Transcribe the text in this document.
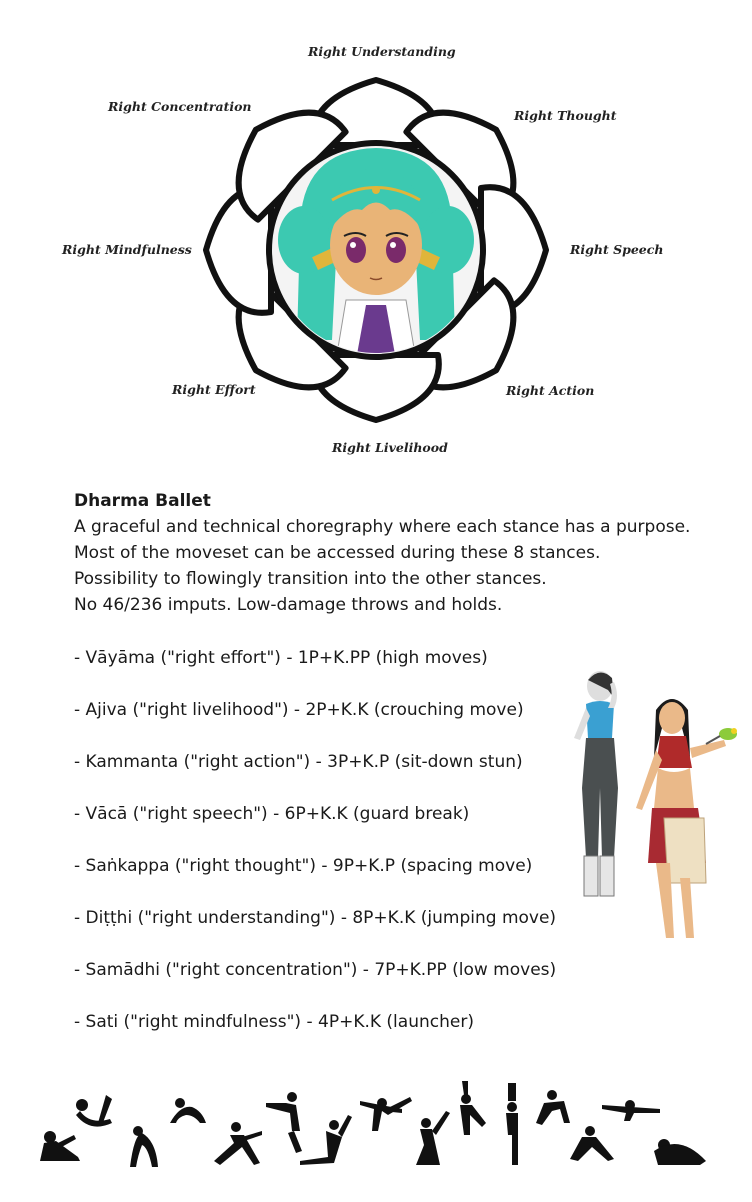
Right Understanding
Right Thought
Right Speech
Right Action
Right Livelihood
Right Effort
Right Mindfulness
Right Concentration
Dharma Ballet
A graceful and technical choregraphy where each stance has a purpose.
Most of the moveset can be accessed during these 8 stances.
Possibility to flowingly transition into the other stances.
No 46/236 imputs. Low-damage throws and holds.
- Vāyāma ("right effort") - 1P+K.PP (high moves)
- Ajiva ("right livelihood") - 2P+K.K (crouching move)
- Kammanta ("right action") - 3P+K.P (sit-down stun)
- Vācā ("right speech") - 6P+K.K (guard break)
- Saṅkappa ("right thought") - 9P+K.P (spacing move)
- Diṭṭhi ("right understanding") - 8P+K.K (jumping move)
- Samādhi ("right concentration") - 7P+K.PP (low moves)
- Sati ("right mindfulness") - 4P+K.K (launcher)
